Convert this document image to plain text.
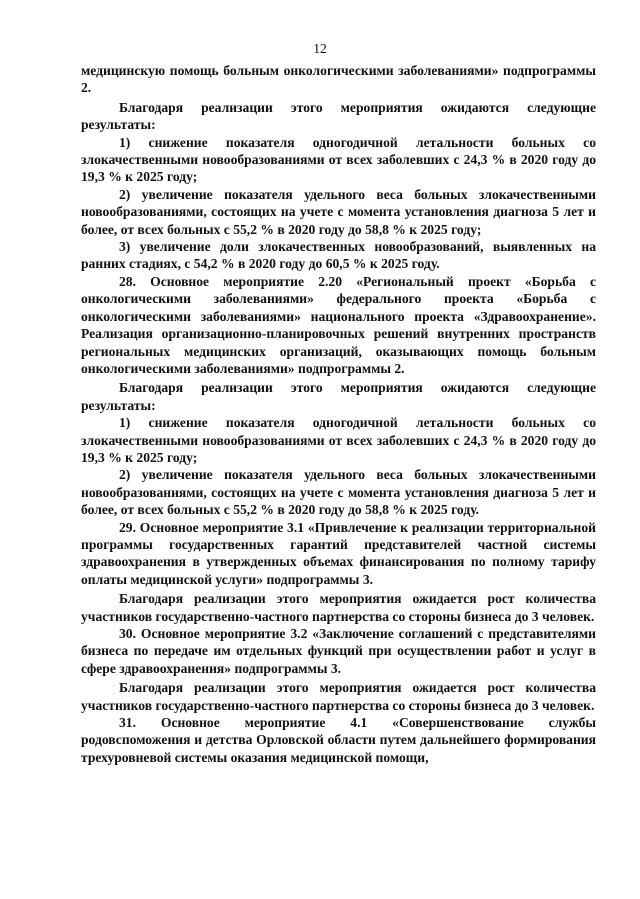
12

медицинскую помощь больным онкологическими заболеваниями» подпрограммы 2.

Благодаря реализации этого мероприятия ожидаются следующие результаты:

1) снижение показателя одногодичной летальности больных со злокачественными новообразованиями от всех заболевших с 24,3 % в 2020 году до 19,3 % к 2025 году;

2) увеличение показателя удельного веса больных злокачественными новообразованиями, состоящих на учете с момента установления диагноза 5 лет и более, от всех больных с 55,2 % в 2020 году до 58,8 % к 2025 году;

3) увеличение доли злокачественных новообразований, выявленных на ранних стадиях, с 54,2 % в 2020 году до 60,5 % к 2025 году.

28. Основное мероприятие 2.20 «Региональный проект «Борьба с онкологическими заболеваниями» федерального проекта «Борьба с онкологическими заболеваниями» национального проекта «Здравоохранение». Реализация организационно-планировочных решений внутренних пространств региональных медицинских организаций, оказывающих помощь больным онкологическими заболеваниями» подпрограммы 2.

Благодаря реализации этого мероприятия ожидаются следующие результаты:

1) снижение показателя одногодичной летальности больных со злокачественными новообразованиями от всех заболевших с 24,3 % в 2020 году до 19,3 % к 2025 году;

2) увеличение показателя удельного веса больных злокачественными новообразованиями, состоящих на учете с момента установления диагноза 5 лет и более, от всех больных с 55,2 % в 2020 году до 58,8 % к 2025 году.

29. Основное мероприятие 3.1 «Привлечение к реализации территориальной программы государственных гарантий представителей частной системы здравоохранения в утвержденных объемах финансирования по полному тарифу оплаты медицинской услуги» подпрограммы 3.

Благодаря реализации этого мероприятия ожидается рост количества участников государственно-частного партнерства со стороны бизнеса до 3 человек.

30. Основное мероприятие 3.2 «Заключение соглашений с представителями бизнеса по передаче им отдельных функций при осуществлении работ и услуг в сфере здравоохранения» подпрограммы 3.

Благодаря реализации этого мероприятия ожидается рост количества участников государственно-частного партнерства со стороны бизнеса до 3 человек.

31. Основное мероприятие 4.1 «Совершенствование службы родовспоможения и детства Орловской области путем дальнейшего формирования трехуровневой системы оказания медицинской помощи,
